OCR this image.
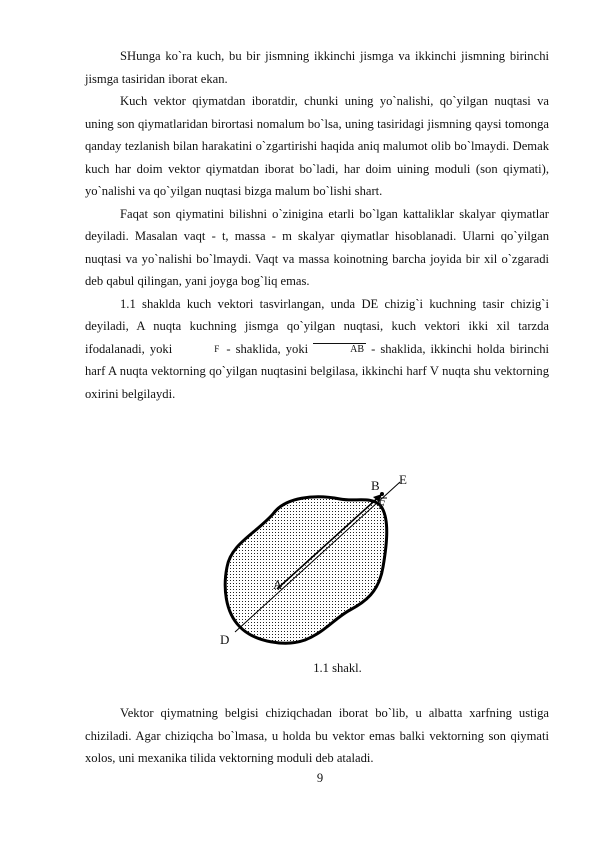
SHunga ko`ra kuch, bu bir jismning ikkinchi jismga va ikkinchi jismning birinchi jismga tasiridan iborat ekan.

Kuch vektor qiymatdan iboratdir, chunki uning yo`nalishi, qo`yilgan nuqtasi va uning son qiymatlaridan birortasi nomalum bo`lsa, uning tasiridagi jismning qaysi tomonga qanday tezlanish bilan harakatini o`zgartirishi haqida aniq malumot olib bo`lmaydi. Demak kuch har doim vektor qiymatdan iborat bo`ladi, har doim uining moduli (son qiymati), yo`nalishi va qo`yilgan nuqtasi bizga malum bo`lishi shart.

Faqat son qiymatini bilishni o`zinigina etarli bo`lgan kattaliklar skalyar qiymatlar deyiladi. Masalan vaqt - t, massa - m skalyar qiymatlar hisoblanadi. Ularni qo`yilgan nuqtasi va yo`nalishi bo`lmaydi. Vaqt va massa koinotning barcha joyida bir xil o`zgaradi deb qabul qilingan, yani joyga bog`liq emas.

1.1 shaklda kuch vektori tasvirlangan, unda DE chizig`i kuchning tasir chizig`i deyiladi, A nuqta kuchning jismga qo`yilgan nuqtasi, kuch vektori ikki xil tarzda ifodalanadi, yoki	F - shaklida, yoki	AB - shaklida, ikkinchi holda birinchi harf A nuqta vektorning qo`yilgan nuqtasini belgilasa, ikkinchi harf V nuqta shu vektorning oxirini belgilaydi.

B E
F
A
D
1.1 shakl.

Vektor qiymatning belgisi chiziqchadan iborat bo`lib, u albatta xarfning ustiga chiziladi. Agar chiziqcha bo`lmasa, u holda bu vektor emas balki vektorning son qiymati xolos, uni mexanika tilida vektorning moduli deb ataladi.

9
